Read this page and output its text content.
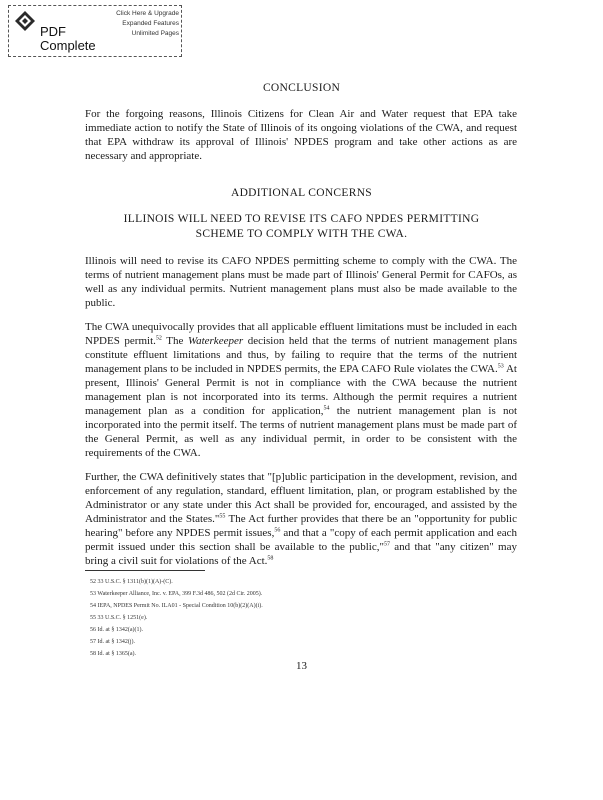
Click Here & Upgrade
Expanded Features
Unlimited Pages
PDF
Complete
CONCLUSION
For the forgoing reasons, Illinois Citizens for Clean Air and Water request that EPA take immediate action to notify the State of Illinois of its ongoing violations of the CWA, and request that EPA withdraw its approval of Illinois' NPDES program and take other actions as are necessary and appropriate.
ADDITIONAL CONCERNS
ILLINOIS WILL NEED TO REVISE ITS CAFO NPDES PERMITTING
SCHEME TO COMPLY WITH THE CWA.
Illinois will need to revise its CAFO NPDES permitting scheme to comply with the CWA. The terms of nutrient management plans must be made part of Illinois' General Permit for CAFOs, as well as any individual permits. Nutrient management plans must also be made available to the public.
The CWA unequivocally provides that all applicable effluent limitations must be included in each NPDES permit.$^{52}$ The Waterkeeper decision held that the terms of nutrient management plans constitute effluent limitations and thus, by failing to require that the terms of the nutrient management plans to be included in NPDES permits, the EPA CAFO Rule violates the CWA.$^{53}$ At present, Illinois' General Permit is not in compliance with the CWA because the nutrient management plan is not incorporated into its terms. Although the permit requires a nutrient management plan as a condition for application,$^{54}$ the nutrient management plan is not incorporated into the permit itself. The terms of nutrient management plans must be made part of the General Permit, as well as any individual permit, in order to be consistent with the requirements of the CWA.
Further, the CWA definitively states that "[p]ublic participation in the development, revision, and enforcement of any regulation, standard, effluent limitation, plan, or program established by the Administrator or any state under this Act shall be provided for, encouraged, and assisted by the Administrator and the States."$^{55}$ The Act further provides that there be an "opportunity for public hearing" before any NPDES permit issues,$^{56}$ and that a "copy of each permit application and each permit issued under this section shall be available to the public,"$^{57}$ and that "any citizen" may bring a civil suit for violations of the Act.$^{58}$
52 33 U.S.C. § 1311(b)(1)(A)-(C).
53 Waterkeeper Alliance, Inc. v. EPA, 399 F.3d 486, 502 (2d Cir. 2005).
54 IEPA, NPDES Permit No. ILA01 - Special Condition 10(b)(2)(A)(i).
55 33 U.S.C. § 1251(e).
56 Id. at § 1342(a)(1).
57 Id. at § 1342(j).
58 Id. at § 1365(a).
13
